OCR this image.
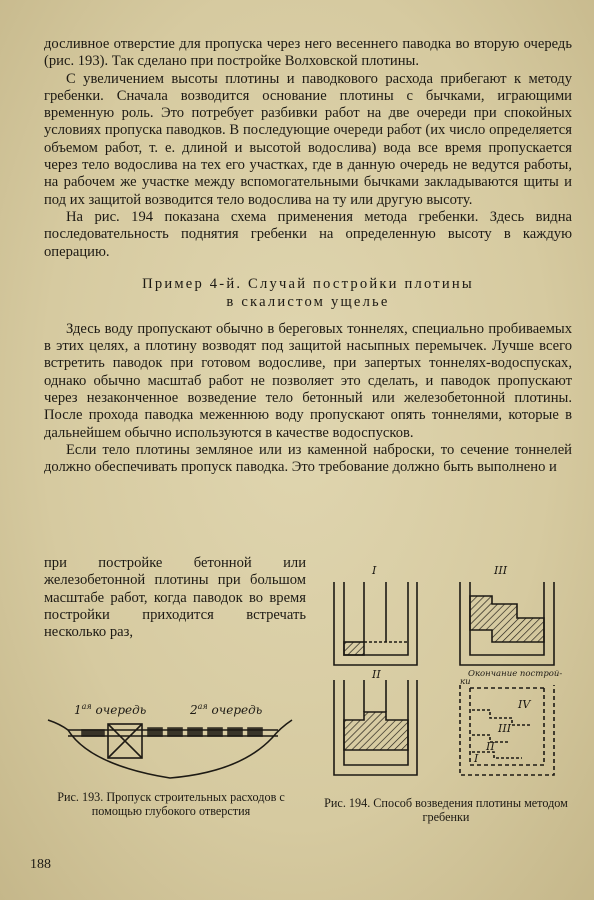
досливное отверстие для пропуска через него весеннего паводка во вторую очередь (рис. 193). Так сделано при постройке Волховской плотины.

С увеличением высоты плотины и паводкового расхода прибегают к методу гребенки. Сначала возводится основание плотины с бычками, играющими временную роль. Это потребует разбивки работ на две очереди при спокойных условиях пропуска паводков. В последующие очереди работ (их число определяется объемом работ, т. е. длиной и высотой водослива) вода все время пропускается через тело водослива на тех его участках, где в данную очередь не ведутся работы, на рабочем же участке между вспомогательными бычками закладываются щиты и под их защитой возводится тело водослива на ту или другую высоту.

На рис. 194 показана схема применения метода гребенки. Здесь видна последовательность поднятия гребенки на определенную высоту в каждую операцию.

Пример 4-й. Случай постройки плотины
в скалистом ущелье

Здесь воду пропускают обычно в береговых тоннелях, специально пробиваемых в этих целях, а плотину возводят под защитой насыпных перемычек. Лучше всего встретить паводок при готовом водосливе, при запертых тоннелях-водоспусках, однако обычно масштаб работ не позволяет это сделать, и паводок пропускают через незаконченное возведение тело бетонный или железобетонной плотины. После прохода паводка меженнюю воду пропускают опять тоннелями, которые в дальнейшем обычно используются в качестве водоспусков.

Если тело плотины земляное или из каменной наброски, то сечение тоннелей должно обеспечивать пропуск паводка. Это требование должно быть выполнено и

при постройке бетонной или железобетонной плотины при большом масштабе работ, когда паводок во время постройки приходится встречать несколько раз,
$1^{ая}$ очередь	$2^{ая}$ очередь
Рис. 193. Пропуск строительных расходов с помощью глубокого отверстия
I
II
III
IV
III
II
I
Окончание построй-
ки
Рис. 194. Способ возведения плотины методом гребенки
188
